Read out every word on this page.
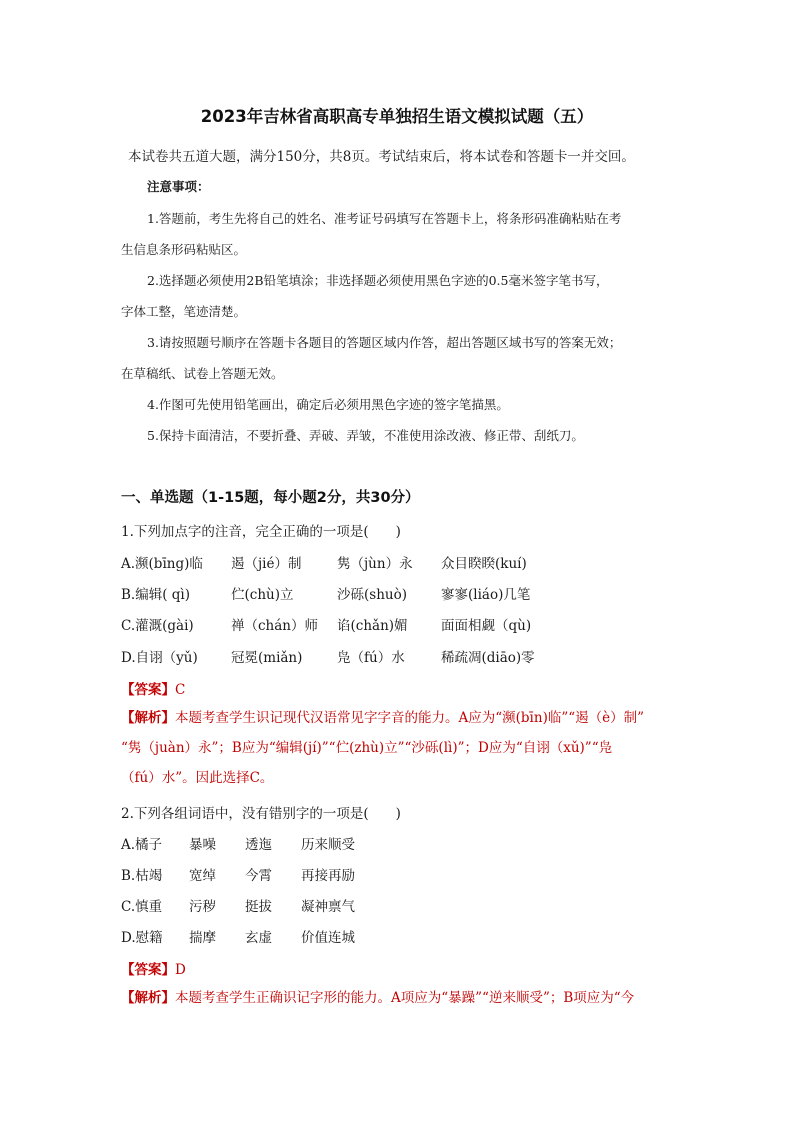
2023年吉林省高职高专单独招生语文模拟试题（五）
本试卷共五道大题，满分150分，共8页。考试结束后，将本试卷和答题卡一并交回。
注意事项：
1.答题前，考生先将自己的姓名、准考证号码填写在答题卡上，将条形码准确粘贴在考
生信息条形码粘贴区。
2.选择题必须使用2B铅笔填涂；非选择题必须使用黑色字迹的0.5毫米签字笔书写，
字体工整，笔迹清楚。
3.请按照题号顺序在答题卡各题目的答题区域内作答，超出答题区域书写的答案无效；
在草稿纸、试卷上答题无效。
4.作图可先使用铅笔画出，确定后必须用黑色字迹的签字笔描黑。
5.保持卡面清洁，不要折叠、弄破、弄皱，不准使用涂改液、修正带、刮纸刀。
一、单选题（1-15题，每小题2分，共30分）
1.下列加点字的注音，完全正确的一项是(　　)
A.濒(bīng)临 遏（jié）制	隽（jùn）永 众目睽睽(kuí)
B.编辑( qì)	伫(chù)立	沙砾(shuò)	寥寥(liáo)几笔
C.灌溉(gài)	禅（chán）师 谄(chǎn)媚 面面相觑（qù)
D.自诩（yǔ) 冠冕(miǎn)	凫（fú）水	稀疏凋(diāo)零
【答案】C
【解析】本题考查学生识记现代汉语常见字字音的能力。A应为“濒(bīn)临”“遏（è）制”
“隽（juàn）永”；B应为“编辑(jí)”“伫(zhù)立”“沙砾(lì)”；D应为“自诩（xǔ)”“凫
（fú）水”。因此选择C。
2.下列各组词语中，没有错别字的一项是(　　)
A.橘子 暴噪 透迤 历来顺受
B.枯竭 宽绰 今霄 再接再励
C.慎重 污秽 挺拔 凝神禀气
D.慰籍 揣摩 玄虚 价值连城
【答案】D
【解析】本题考查学生正确识记字形的能力。A项应为“暴躁”“逆来顺受”；B项应为“今
